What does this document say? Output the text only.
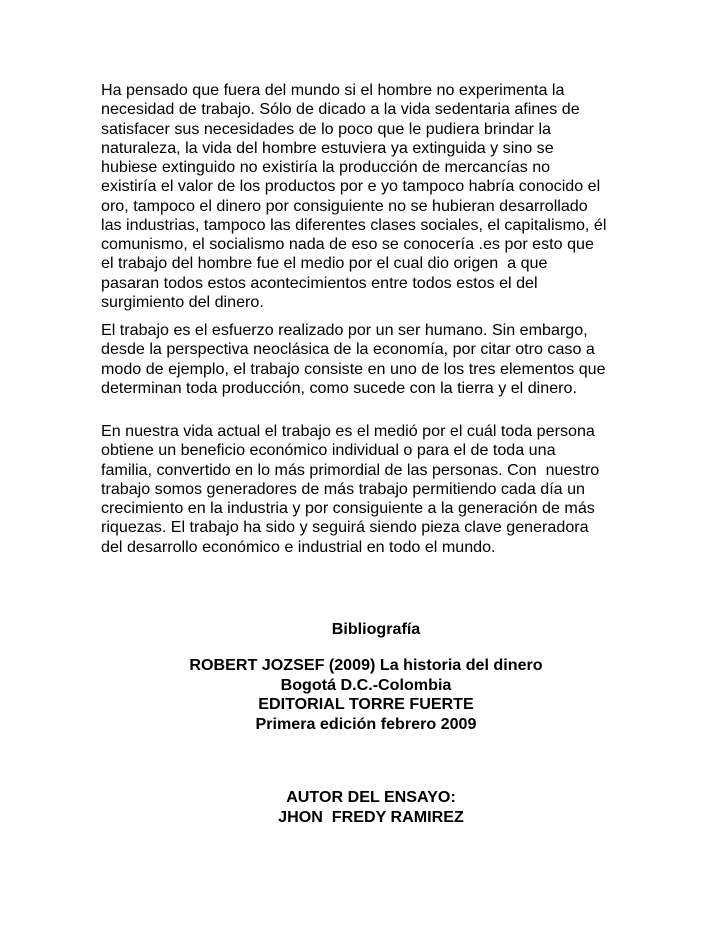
Ha pensado que fuera del mundo si el hombre no experimenta la
necesidad de trabajo. Sólo de dicado a la vida sedentaria afines de
satisfacer sus necesidades de lo poco que le pudiera brindar la
naturaleza, la vida del hombre estuviera ya extinguida y sino se
hubiese extinguido no existiría la producción de mercancías no
existiría el valor de los productos por e yo tampoco habría conocido el
oro, tampoco el dinero por consiguiente no se hubieran desarrollado
las industrias, tampoco las diferentes clases sociales, el capitalismo, él
comunismo, el socialismo nada de eso se conocería .es por esto que
el trabajo del hombre fue el medio por el cual dio origen  a que
pasaran todos estos acontecimientos entre todos estos el del
surgimiento del dinero.
El trabajo es el esfuerzo realizado por un ser humano. Sin embargo,
desde la perspectiva neoclásica de la economía, por citar otro caso a
modo de ejemplo, el trabajo consiste en uno de los tres elementos que
determinan toda producción, como sucede con la tierra y el dinero.
En nuestra vida actual el trabajo es el medió por el cuál toda persona
obtiene un beneficio económico individual o para el de toda una
familia, convertido en lo más primordial de las personas. Con  nuestro
trabajo somos generadores de más trabajo permitiendo cada día un
crecimiento en la industria y por consiguiente a la generación de más
riquezas. El trabajo ha sido y seguirá siendo pieza clave generadora
del desarrollo económico e industrial en todo el mundo.
Bibliografía
ROBERT JOZSEF (2009) La historia del dinero
Bogotá D.C.-Colombia
EDITORIAL TORRE FUERTE
Primera edición febrero 2009
AUTOR DEL ENSAYO:
JHON  FREDY RAMIREZ
